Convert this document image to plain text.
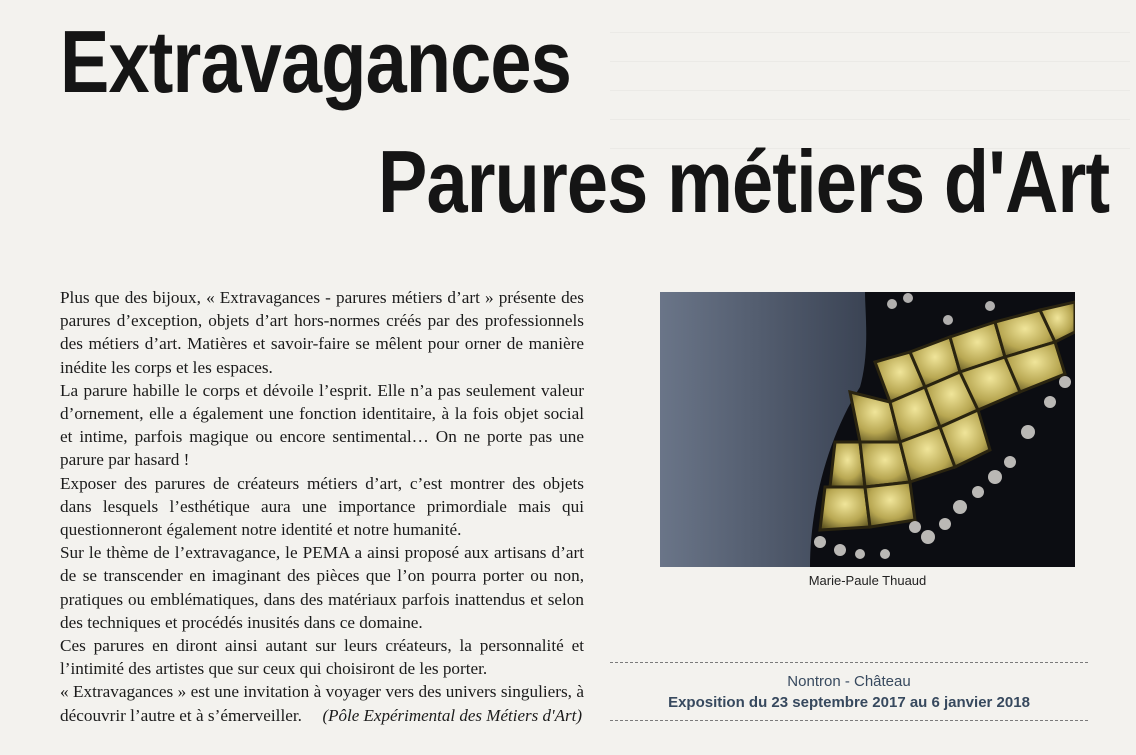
Extravagances
Parures métiers d'Art

Plus que des bijoux, « Extravagances - parures métiers d’art » présente des parures d’exception, objets d’art hors-normes créés par des professionnels des métiers d’art. Matières et savoir-faire se mêlent pour orner de manière inédite les corps et les espaces.

La parure habille le corps et dévoile l’esprit. Elle n’a pas seulement valeur d’ornement, elle a également une fonction identitaire, à la fois objet social et intime, parfois magique ou encore sentimental… On ne porte pas une parure par hasard !

Exposer des parures de créateurs métiers d’art, c’est montrer des objets dans lesquels l’esthétique aura une importance primordiale mais qui questionneront également notre identité et notre humanité.

Sur le thème de l’extravagance, le PEMA a ainsi proposé aux artisans d’art de se transcender en imaginant des pièces que l’on pourra porter ou non, pratiques ou emblématiques, dans des matériaux parfois inattendus et selon des techniques et procédés inusités dans ce domaine.

Ces parures en diront ainsi autant sur leurs créateurs, la personnalité et l’intimité des artistes que sur ceux qui choisiront de les porter.

« Extravagances » est une invitation à voyager vers des univers singuliers, à découvrir l’autre et à s’émerveiller.	(Pôle Expérimental des Métiers d'Art)
Marie-Paule Thuaud
Nontron - Château
Exposition du 23 septembre 2017 au 6 janvier 2018
